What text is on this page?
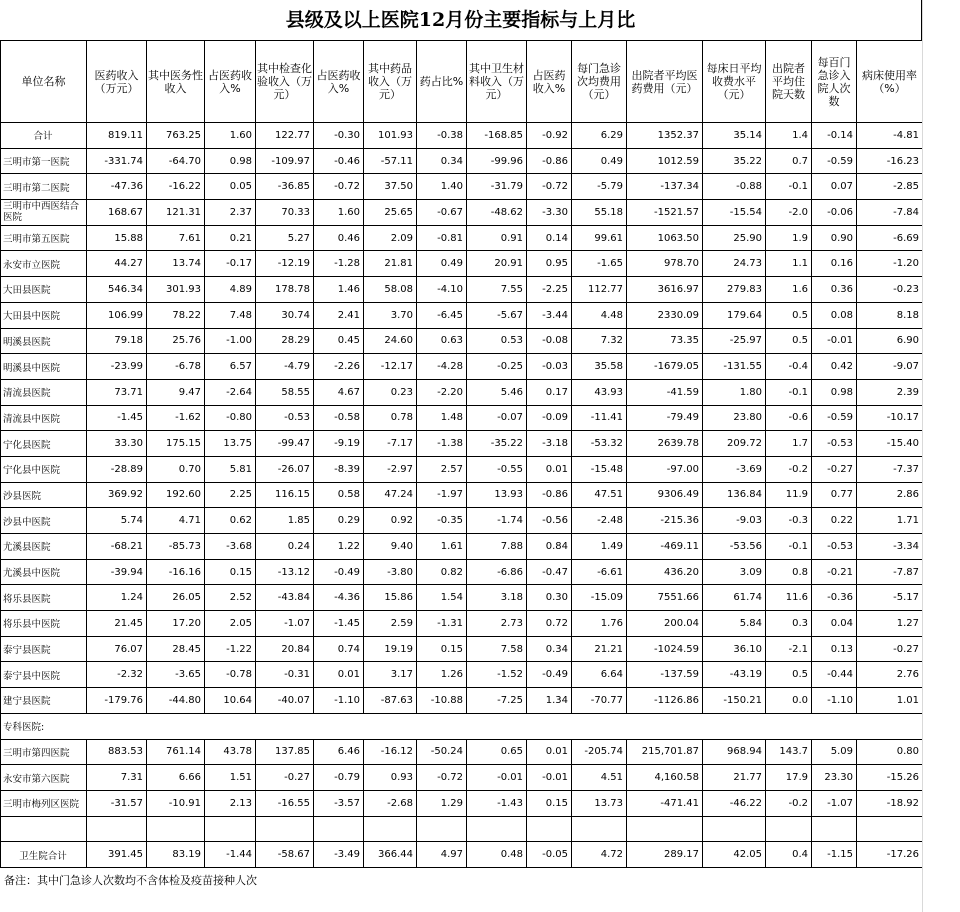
县级及以上医院12月份主要指标与上月比
单位名称	医药收入（万元）	其中医务性收入	占医药收入%	其中检查化验收入（万元）	占医药收入%	其中药品收入（万元）	药占比%	其中卫生材料收入（万元）	占医药收入%	每门急诊次均费用（元）	出院者平均医药费用（元）	每床日平均收费水平（元）	出院者平均住院天数	每百门急诊入院人次数	病床使用率（%）
合计	819.11	763.25	1.60	122.77	-0.30	101.93	-0.38	-168.85	-0.92	6.29	1352.37	35.14	1.4	-0.14	-4.81
三明市第一医院	-331.74	-64.70	0.98	-109.97	-0.46	-57.11	0.34	-99.96	-0.86	0.49	1012.59	35.22	0.7	-0.59	-16.23
三明市第二医院	-47.36	-16.22	0.05	-36.85	-0.72	37.50	1.40	-31.79	-0.72	-5.79	-137.34	-0.88	-0.1	0.07	-2.85
三明市中西医结合医院	168.67	121.31	2.37	70.33	1.60	25.65	-0.67	-48.62	-3.30	55.18	-1521.57	-15.54	-2.0	-0.06	-7.84
三明市第五医院	15.88	7.61	0.21	5.27	0.46	2.09	-0.81	0.91	0.14	99.61	1063.50	25.90	1.9	0.90	-6.69
永安市立医院	44.27	13.74	-0.17	-12.19	-1.28	21.81	0.49	20.91	0.95	-1.65	978.70	24.73	1.1	0.16	-1.20
大田县医院	546.34	301.93	4.89	178.78	1.46	58.08	-4.10	7.55	-2.25	112.77	3616.97	279.83	1.6	0.36	-0.23
大田县中医院	106.99	78.22	7.48	30.74	2.41	3.70	-6.45	-5.67	-3.44	4.48	2330.09	179.64	0.5	0.08	8.18
明溪县医院	79.18	25.76	-1.00	28.29	0.45	24.60	0.63	0.53	-0.08	7.32	73.35	-25.97	0.5	-0.01	6.90
明溪县中医院	-23.99	-6.78	6.57	-4.79	-2.26	-12.17	-4.28	-0.25	-0.03	35.58	-1679.05	-131.55	-0.4	0.42	-9.07
清流县医院	73.71	9.47	-2.64	58.55	4.67	0.23	-2.20	5.46	0.17	43.93	-41.59	1.80	-0.1	0.98	2.39
清流县中医院	-1.45	-1.62	-0.80	-0.53	-0.58	0.78	1.48	-0.07	-0.09	-11.41	-79.49	23.80	-0.6	-0.59	-10.17
宁化县医院	33.30	175.15	13.75	-99.47	-9.19	-7.17	-1.38	-35.22	-3.18	-53.32	2639.78	209.72	1.7	-0.53	-15.40
宁化县中医院	-28.89	0.70	5.81	-26.07	-8.39	-2.97	2.57	-0.55	0.01	-15.48	-97.00	-3.69	-0.2	-0.27	-7.37
沙县医院	369.92	192.60	2.25	116.15	0.58	47.24	-1.97	13.93	-0.86	47.51	9306.49	136.84	11.9	0.77	2.86
沙县中医院	5.74	4.71	0.62	1.85	0.29	0.92	-0.35	-1.74	-0.56	-2.48	-215.36	-9.03	-0.3	0.22	1.71
尤溪县医院	-68.21	-85.73	-3.68	0.24	1.22	9.40	1.61	7.88	0.84	1.49	-469.11	-53.56	-0.1	-0.53	-3.34
尤溪县中医院	-39.94	-16.16	0.15	-13.12	-0.49	-3.80	0.82	-6.86	-0.47	-6.61	436.20	3.09	0.8	-0.21	-7.87
将乐县医院	1.24	26.05	2.52	-43.84	-4.36	15.86	1.54	3.18	0.30	-15.09	7551.66	61.74	11.6	-0.36	-5.17
将乐县中医院	21.45	17.20	2.05	-1.07	-1.45	2.59	-1.31	2.73	0.72	1.76	200.04	5.84	0.3	0.04	1.27
泰宁县医院	76.07	28.45	-1.22	20.84	0.74	19.19	0.15	7.58	0.34	21.21	-1024.59	36.10	-2.1	0.13	-0.27
泰宁县中医院	-2.32	-3.65	-0.78	-0.31	0.01	3.17	1.26	-1.52	-0.49	6.64	-137.59	-43.19	0.5	-0.44	2.76
建宁县医院	-179.76	-44.80	10.64	-40.07	-1.10	-87.63	-10.88	-7.25	1.34	-70.77	-1126.86	-150.21	0.0	-1.10	1.01
专科医院:															
三明市第四医院	883.53	761.14	43.78	137.85	6.46	-16.12	-50.24	0.65	0.01	-205.74	215,701.87	968.94	143.7	5.09	0.80
永安市第六医院	7.31	6.66	1.51	-0.27	-0.79	0.93	-0.72	-0.01	-0.01	4.51	4,160.58	21.77	17.9	23.30	-15.26
三明市梅列区医院	-31.57	-10.91	2.13	-16.55	-3.57	-2.68	1.29	-1.43	0.15	13.73	-471.41	-46.22	-0.2	-1.07	-18.92

卫生院合计	391.45	83.19	-1.44	-58.67	-3.49	366.44	4.97	0.48	-0.05	4.72	289.17	42.05	0.4	-1.15	-17.26
备注：其中门急诊人次数均不含体检及疫苗接种人次
